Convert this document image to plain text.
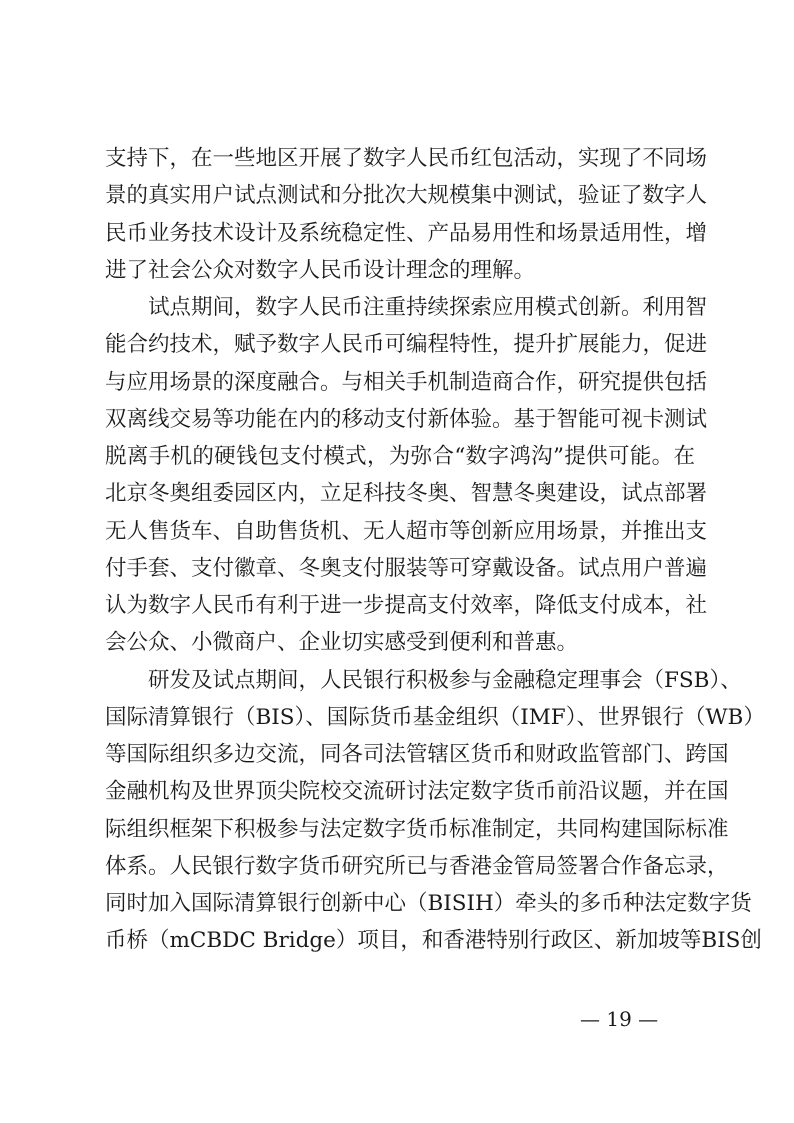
支持下，在一些地区开展了数字人民币红包活动，实现了不同场
景的真实用户试点测试和分批次大规模集中测试，验证了数字人
民币业务技术设计及系统稳定性、产品易用性和场景适用性，增
进了社会公众对数字人民币设计理念的理解。
试点期间，数字人民币注重持续探索应用模式创新。利用智
能合约技术，赋予数字人民币可编程特性，提升扩展能力，促进
与应用场景的深度融合。与相关手机制造商合作，研究提供包括
双离线交易等功能在内的移动支付新体验。基于智能可视卡测试
脱离手机的硬钱包支付模式，为弥合“数字鸿沟”提供可能。在
北京冬奥组委园区内，立足科技冬奥、智慧冬奥建设，试点部署
无人售货车、自助售货机、无人超市等创新应用场景，并推出支
付手套、支付徽章、冬奥支付服装等可穿戴设备。试点用户普遍
认为数字人民币有利于进一步提高支付效率，降低支付成本，社
会公众、小微商户、企业切实感受到便利和普惠。
研发及试点期间，人民银行积极参与金融稳定理事会（FSB）、
国际清算银行（BIS）、国际货币基金组织（IMF）、世界银行（WB）
等国际组织多边交流，同各司法管辖区货币和财政监管部门、跨国
金融机构及世界顶尖院校交流研讨法定数字货币前沿议题，并在国
际组织框架下积极参与法定数字货币标准制定，共同构建国际标准
体系。人民银行数字货币研究所已与香港金管局签署合作备忘录，
同时加入国际清算银行创新中心（BISIH）牵头的多币种法定数字货
币桥（mCBDC Bridge）项目，和香港特别行政区、新加坡等BIS创
— 19 —
